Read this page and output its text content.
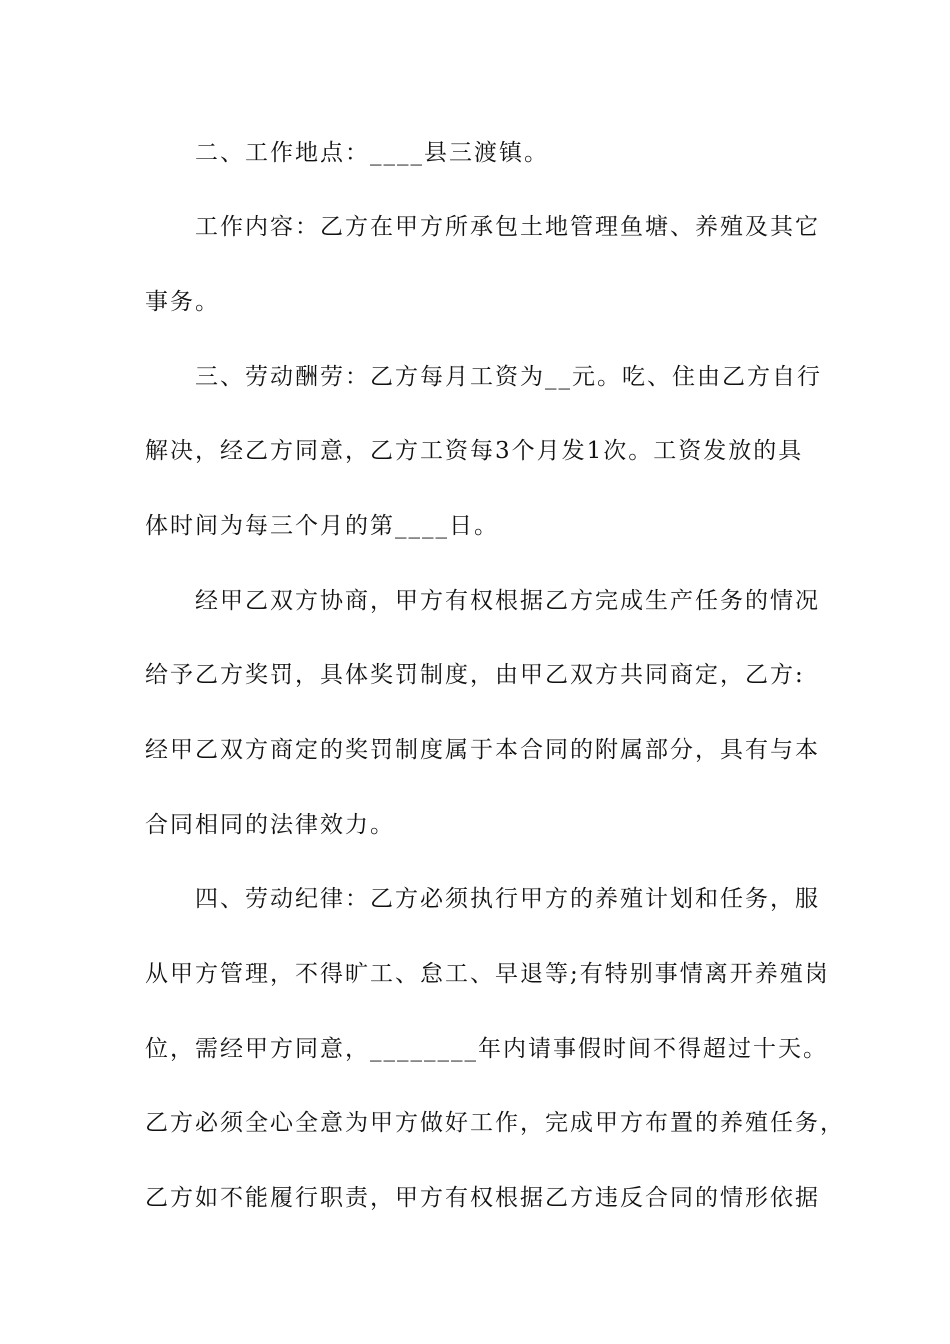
二、工作地点：____县三渡镇。
工作内容：乙方在甲方所承包土地管理鱼塘、养殖及其它
事务。
三、劳动酬劳：乙方每月工资为__元。吃、住由乙方自行
解决，经乙方同意，乙方工资每3个月发1次。工资发放的具
体时间为每三个月的第____日。
经甲乙双方协商，甲方有权根据乙方完成生产任务的情况
给予乙方奖罚，具体奖罚制度，由甲乙双方共同商定，乙方:
经甲乙双方商定的奖罚制度属于本合同的附属部分，具有与本
合同相同的法律效力。
四、劳动纪律：乙方必须执行甲方的养殖计划和任务，服
从甲方管理，不得旷工、怠工、早退等;有特别事情离开养殖岗
位，需经甲方同意，________年内请事假时间不得超过十天。
乙方必须全心全意为甲方做好工作，完成甲方布置的养殖任务，
乙方如不能履行职责，甲方有权根据乙方违反合同的情形依据
